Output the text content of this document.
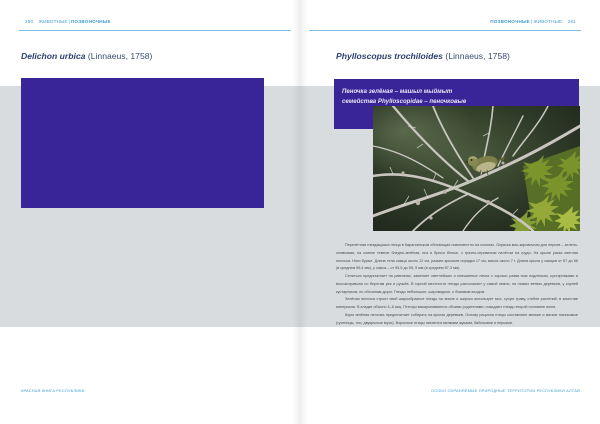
260 ЖИВОТНЫЕ|ПОЗВОНОЧНЫЕ	ПОЗВОНОЧНЫЕ|ЖИВОТНЫЕ 261
Delichon urbica (Linnaeus, 1758)	Phylloscopus trochiloides (Linnaeus, 1758)
Пеночка зелёная – мaшыл мыймыт
семейства Phylloscopidae – пеночковые

Перелётная гнездящаяся птица в Карагиинском обитающая повсеместно на склонах. Окраска мас-кировочная для перьев – зелено-оливковая, на спинке темное бледно-зелёная, низ и брюхо белые, с грязно-сероватым налётом на груди. На крыле узкая светлая полоска. Ноги бурые. Длина тела самца около 12 см, размах крыльев порядка 17 см, масса около 7 г. Длина крыла у самцов от 57 до 66 (в среднем 59,4 мм), у самок – от 55,5 до 59, 5 мм (в среднем 57,3 мм).

Селиться предпочитает на равнинах, заменяет светлейших и смешанных лесах с хорошо разви-тым подлеском, кустарниками и высокотравьем по берегам рек и ручьёв. В горной местности гнездо располагает у самой земли, на низких ветвях деревьев, у корней кустарников, по обочинам дорог. Гнездо небольшое, шаровидное, с боковым входом.

Зелёная пеночка строит свой шарообразное гнездо на земле и широко использует мох, сухую траву, стебли растений, в качестве материала. В кладке обычно 4–6 яиц. Птенцы выкармливаются обоими родителями, покидают гнездо второй половине июня.

Корм зелёная пеночка предпочитает собирать на кронах деревьев. Основу рациона птицы составляют мелкие и мягкие насекомые (гусеницы, тли, двукрылые мухи). Взрослые птицы питаются мелкими жуками, бабочками и перьями.

КРАСНАЯ КНИГА РЕСПУБЛИКИ	ОСОБО ОХРАНЯЕМЫЕ ПРИРОДНЫЕ ТЕРРИТОРИИ РЕСПУБЛИКИ АЛТАЙ
